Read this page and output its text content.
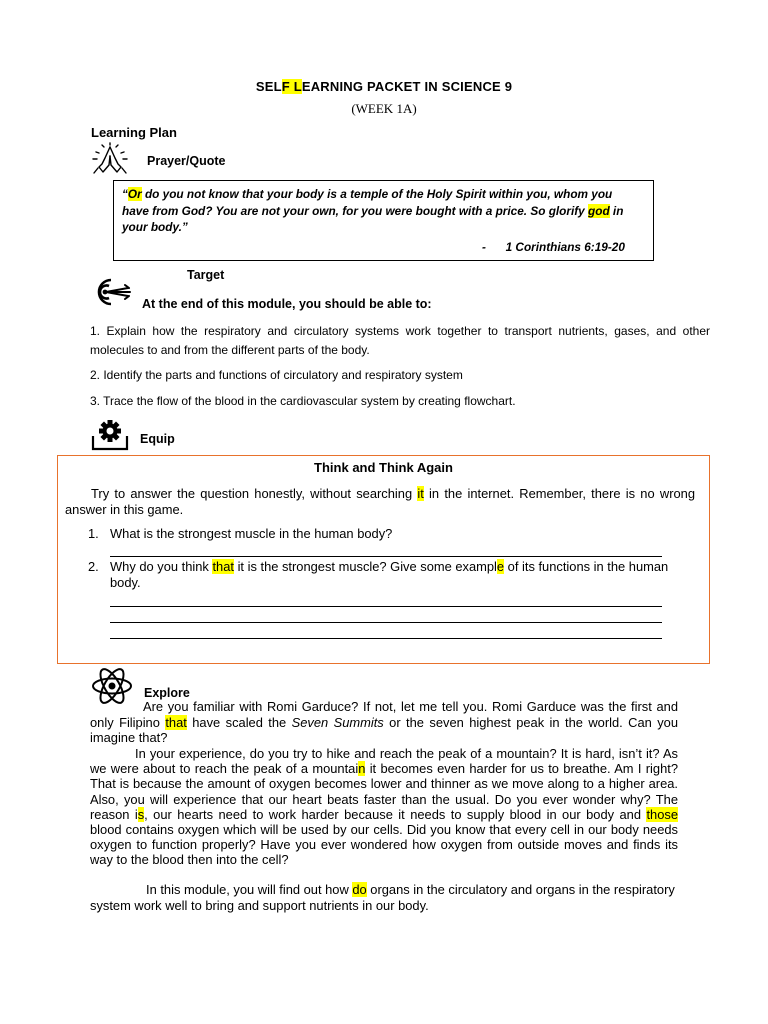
SELF LEARNING PACKET IN SCIENCE 9
(WEEK 1A)
Learning Plan
Prayer/Quote
“Or do you not know that your body is a temple of the Holy Spirit within you, whom you have from God? You are not your own, for you were bought with a price. So glorify god in your body.”
-      1 Corinthians 6:19-20
Target
At the end of this module, you should be able to:
1. Explain how the respiratory and circulatory systems work together to transport nutrients, gases, and other molecules to and from the different parts of the body.
2. Identify the parts and functions of circulatory and respiratory system
3. Trace the flow of the blood in the cardiovascular system by creating flowchart.
Equip
Think and Think Again
Try to answer the question honestly, without searching it in the internet. Remember, there is no wrong answer in this game.
1. What is the strongest muscle in the human body?
2. Why do you think that it is the strongest muscle? Give some example of its functions in the human body.
Explore
Are you familiar with Romi Garduce? If not, let me tell you. Romi Garduce was the first and only Filipino that have scaled the Seven Summits or the seven highest peak in the world. Can you imagine that?
In your experience, do you try to hike and reach the peak of a mountain? It is hard, isn’t it? As we were about to reach the peak of a mountain it becomes even harder for us to breathe. Am I right? That is because the amount of oxygen becomes lower and thinner as we move along to a higher area. Also, you will experience that our heart beats faster than the usual. Do you ever wonder why? The reason is, our hearts need to work harder because it needs to supply blood in our body and those blood contains oxygen which will be used by our cells. Did you know that every cell in our body needs oxygen to function properly? Have you ever wondered how oxygen from outside moves and finds its way to the blood then into the cell?
In this module, you will find out how do organs in the circulatory and organs in the respiratory system work well to bring and support nutrients in our body.
